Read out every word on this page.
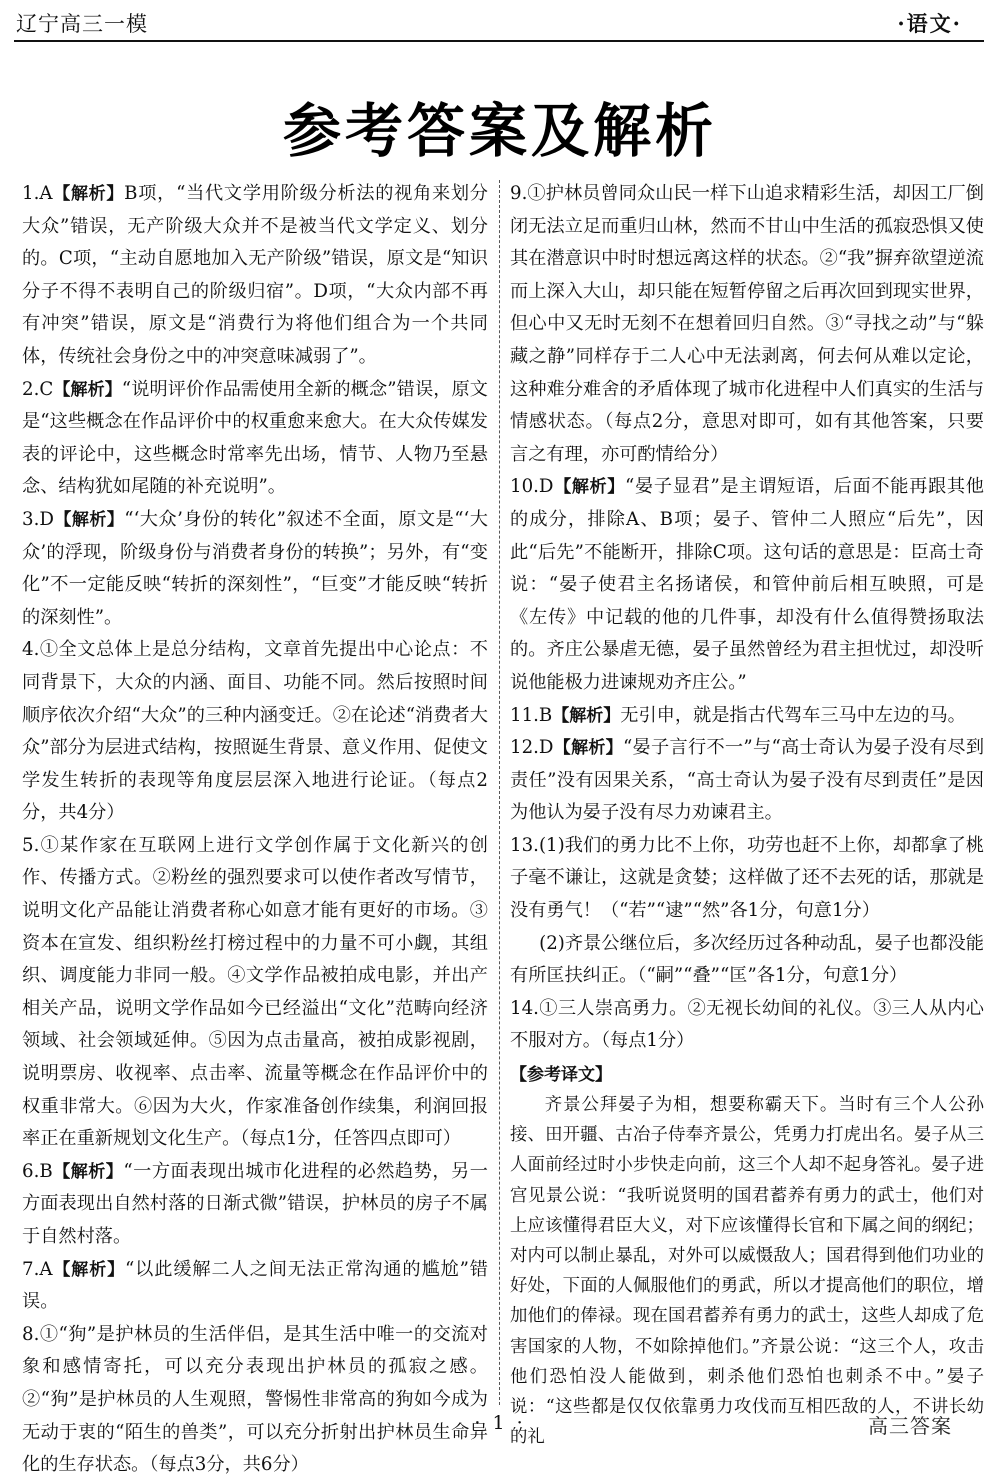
辽宁高三一模	·语文·
参考答案及解析
1.A【解析】B项，“当代文学用阶级分析法的视角来划分大众”错误，无产阶级大众并不是被当代文学定义、划分的。C项，“主动自愿地加入无产阶级”错误，原文是“知识分子不得不表明自己的阶级归宿”。D项，“大众内部不再有冲突”错误，原文是“消费行为将他们组合为一个共同体，传统社会身份之中的冲突意味减弱了”。
2.C【解析】“说明评价作品需使用全新的概念”错误，原文是“这些概念在作品评价中的权重愈来愈大。在大众传媒发表的评论中，这些概念时常率先出场，情节、人物乃至悬念、结构犹如尾随的补充说明”。
3.D【解析】“‘大众’身份的转化”叙述不全面，原文是“‘大众’的浮现，阶级身份与消费者身份的转换”；另外，有“变化”不一定能反映“转折的深刻性”，“巨变”才能反映“转折的深刻性”。
4.①全文总体上是总分结构，文章首先提出中心论点：不同背景下，大众的内涵、面目、功能不同。然后按照时间顺序依次介绍“大众”的三种内涵变迁。②在论述“消费者大众”部分为层进式结构，按照诞生背景、意义作用、促使文学发生转折的表现等角度层层深入地进行论证。（每点2分，共4分）
5.①某作家在互联网上进行文学创作属于文化新兴的创作、传播方式。②粉丝的强烈要求可以使作者改写情节，说明文化产品能让消费者称心如意才能有更好的市场。③资本在宣发、组织粉丝打榜过程中的力量不可小觑，其组织、调度能力非同一般。④文学作品被拍成电影，并出产相关产品，说明文学作品如今已经溢出“文化”范畴向经济领域、社会领域延伸。⑤因为点击量高，被拍成影视剧，说明票房、收视率、点击率、流量等概念在作品评价中的权重非常大。⑥因为大火，作家准备创作续集，利润回报率正在重新规划文化生产。（每点1分，任答四点即可）
6.B【解析】“一方面表现出城市化进程的必然趋势，另一方面表现出自然村落的日渐式微”错误，护林员的房子不属于自然村落。
7.A【解析】“以此缓解二人之间无法正常沟通的尴尬”错误。
8.①“狗”是护林员的生活伴侣，是其生活中唯一的交流对象和感情寄托，可以充分表现出护林员的孤寂之感。②“狗”是护林员的人生观照，警惕性非常高的狗如今成为无动于衷的“陌生的兽类”，可以充分折射出护林员生命异化的生存状态。（每点3分，共6分）
9.①护林员曾同众山民一样下山追求精彩生活，却因工厂倒闭无法立足而重归山林，然而不甘山中生活的孤寂恐惧又使其在潜意识中时时想远离这样的状态。②“我”摒弃欲望逆流而上深入大山，却只能在短暂停留之后再次回到现实世界，但心中又无时无刻不在想着回归自然。③“寻找之动”与“躲藏之静”同样存于二人心中无法剥离，何去何从难以定论，这种难分难舍的矛盾体现了城市化进程中人们真实的生活与情感状态。（每点2分，意思对即可，如有其他答案，只要言之有理，亦可酌情给分）
10.D【解析】“晏子显君”是主谓短语，后面不能再跟其他的成分，排除A、B项；晏子、管仲二人照应“后先”，因此“后先”不能断开，排除C项。这句话的意思是：臣高士奇说：“晏子使君主名扬诸侯，和管仲前后相互映照，可是《左传》中记载的他的几件事，却没有什么值得赞扬取法的。齐庄公暴虐无德，晏子虽然曾经为君主担忧过，却没听说他能极力进谏规劝齐庄公。”
11.B【解析】无引申，就是指古代驾车三马中左边的马。
12.D【解析】“晏子言行不一”与“高士奇认为晏子没有尽到责任”没有因果关系，“高士奇认为晏子没有尽到责任”是因为他认为晏子没有尽力劝谏君主。
13.(1)我们的勇力比不上你，功劳也赶不上你，却都拿了桃子毫不谦让，这就是贪婪；这样做了还不去死的话，那就是没有勇气！（“若”“逮”“然”各1分，句意1分）
(2)齐景公继位后，多次经历过各种动乱，晏子也都没能有所匡扶纠正。（“嗣”“叠”“匡”各1分，句意1分）
14.①三人崇高勇力。②无视长幼间的礼仪。③三人从内心不服对方。（每点1分）
【参考译文】
齐景公拜晏子为相，想要称霸天下。当时有三个人公孙接、田开疆、古冶子侍奉齐景公，凭勇力打虎出名。晏子从三人面前经过时小步快走向前，这三个人却不起身答礼。晏子进宫见景公说：“我听说贤明的国君蓄养有勇力的武士，他们对上应该懂得君臣大义，对下应该懂得长官和下属之间的纲纪；对内可以制止暴乱，对外可以威慑敌人；国君得到他们功业的好处，下面的人佩服他们的勇武，所以才提高他们的职位，增加他们的俸禄。现在国君蓄养有勇力的武士，这些人却成了危害国家的人物，不如除掉他们。”齐景公说：“这三个人，攻击他们恐怕没人能做到，刺杀他们恐怕也刺杀不中。”晏子说：“这些都是仅仅依靠勇力攻伐而互相匹敌的人，不讲长幼的礼
· 1 ·	高三答案
